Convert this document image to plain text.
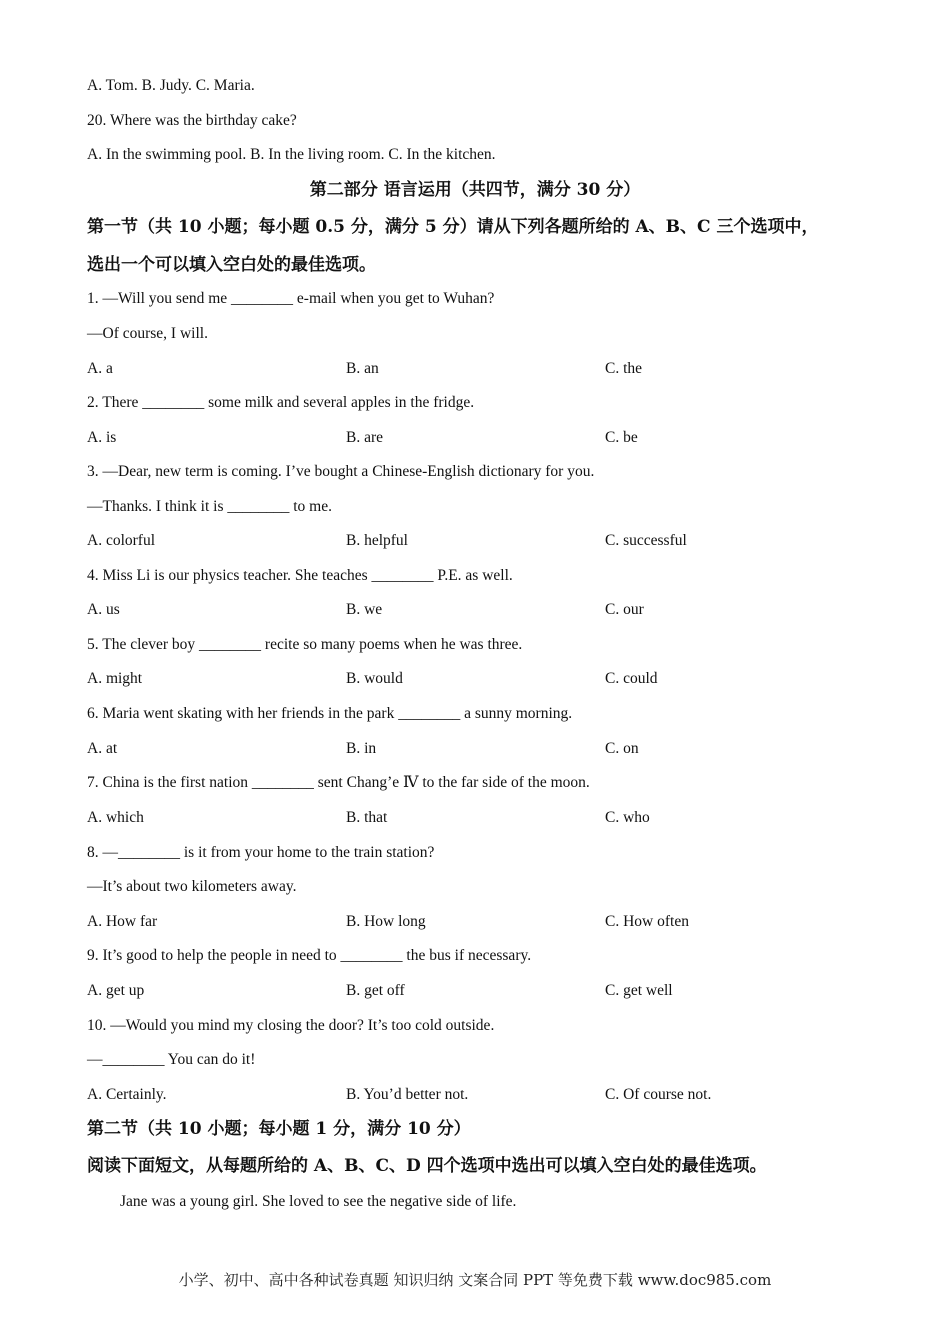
A. Tom. B. Judy. C. Maria.
20. Where was the birthday cake?
A. In the swimming pool. B. In the living room. C. In the kitchen.
第二部分 语言运用（共四节，满分 30 分）
第一节（共 10 小题；每小题 0.5 分，满分 5 分）请从下列各题所给的 A、B、C 三个选项中，
选出一个可以填入空白处的最佳选项。
1. —Will you send me ________ e-mail when you get to Wuhan?
—Of course, I will.
A. a	B. an	C. the
2. There ________ some milk and several apples in the fridge.
A. is	B. are	C. be
3. —Dear, new term is coming. I’ve bought a Chinese-English dictionary for you.
—Thanks. I think it is ________ to me.
A. colorful	B. helpful	C. successful
4. Miss Li is our physics teacher. She teaches ________ P.E. as well.
A. us	B. we	C. our
5. The clever boy ________ recite so many poems when he was three.
A. might	B. would	C. could
6. Maria went skating with her friends in the park ________ a sunny morning.
A. at	B. in	C. on
7. China is the first nation ________ sent Chang’e Ⅳ to the far side of the moon.
A. which	B. that	C. who
8. —________ is it from your home to the train station?
—It’s about two kilometers away.
A. How far	B. How long	C. How often
9. It’s good to help the people in need to ________ the bus if necessary.
A. get up	B. get off	C. get well
10. —Would you mind my closing the door? It’s too cold outside.
—________ You can do it!
A. Certainly.	B. You’d better not.	C. Of course not.
第二节（共 10 小题；每小题 1 分，满分 10 分）
阅读下面短文，从每题所给的 A、B、C、D 四个选项中选出可以填入空白处的最佳选项。
Jane was a young girl. She loved to see the negative side of life.
小学、初中、高中各种试卷真题 知识归纳 文案合同 PPT 等免费下载 www.doc985.com
